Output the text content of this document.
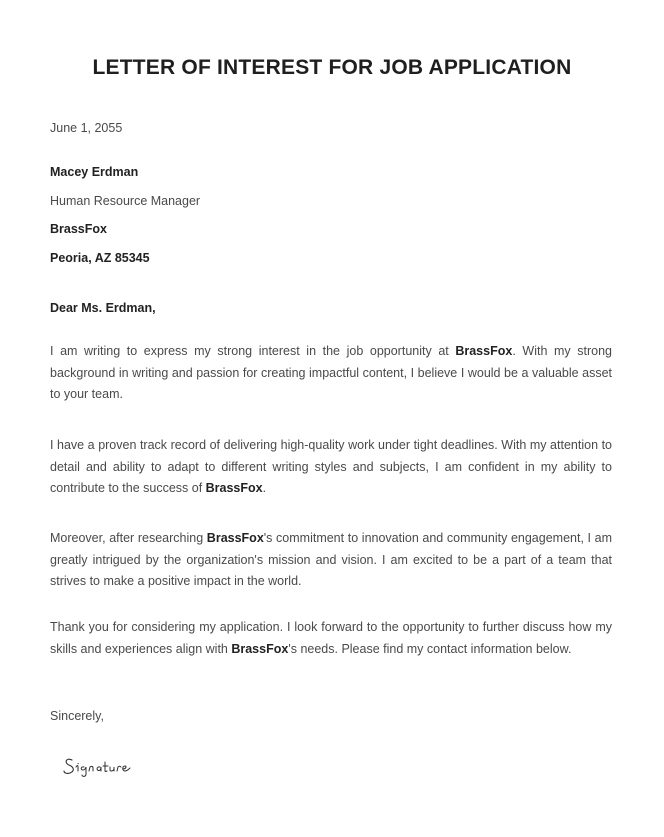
LETTER OF INTEREST FOR JOB APPLICATION

June 1, 2055

Macey Erdman

Human Resource Manager

BrassFox

Peoria, AZ 85345

Dear Ms. Erdman,

I am writing to express my strong interest in the job opportunity at BrassFox. With my strong background in writing and passion for creating impactful content, I believe I would be a valuable asset to your team.

I have a proven track record of delivering high-quality work under tight deadlines. With my attention to detail and ability to adapt to different writing styles and subjects, I am confident in my ability to contribute to the success of BrassFox.

Moreover, after researching BrassFox's commitment to innovation and community engagement, I am greatly intrigued by the organization's mission and vision. I am excited to be a part of a team that strives to make a positive impact in the world.

Thank you for considering my application. I look forward to the opportunity to further discuss how my skills and experiences align with BrassFox's needs. Please find my contact information below.

Sincerely,
